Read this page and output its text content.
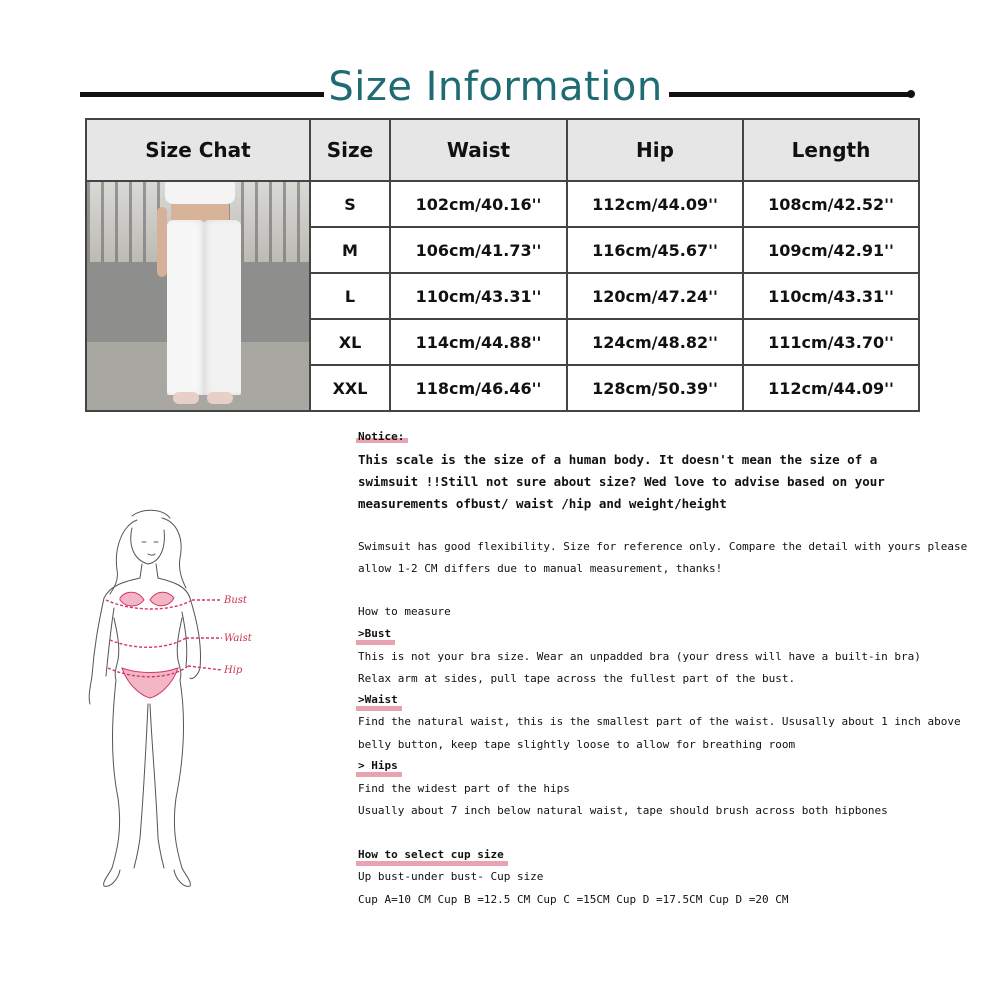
Size Information
Size Chat	Size	Waist	Hip	Length

	S	102cm/40.16''	112cm/44.09''	108cm/42.52''
	M	106cm/41.73''	116cm/45.67''	109cm/42.91''
	L	110cm/43.31''	120cm/47.24''	110cm/43.31''
	XL	114cm/44.88''	124cm/48.82''	111cm/43.70''
	XXL	118cm/46.46''	128cm/50.39''	112cm/44.09''
Bust
Waist
Hip
Notice:
This scale is the size of a human body. It doesn't mean the size of a
swimsuit !!Still not sure about size? Wed love to advise based on your
measurements ofbust/ waist /hip and weight/height
Swimsuit has good flexibility. Size for reference only. Compare the detail with yours please
allow 1-2 CM differs due to manual measurement, thanks!
How to measure
>Bust
This is not your bra size. Wear an unpadded bra (your dress will have a built-in bra)
Relax arm at sides, pull tape across the fullest part of the bust.
>Waist
Find the natural waist, this is the smallest part of the waist. Ususally about 1 inch above
belly button, keep tape slightly loose to allow for breathing room
> Hips
Find the widest part of the hips
Usually about 7 inch below natural waist, tape should brush across both hipbones
How to select cup size
Up bust-under bust- Cup size
Cup A=10 CM Cup B =12.5 CM Cup C =15CM Cup D =17.5CM Cup D =20 CM
